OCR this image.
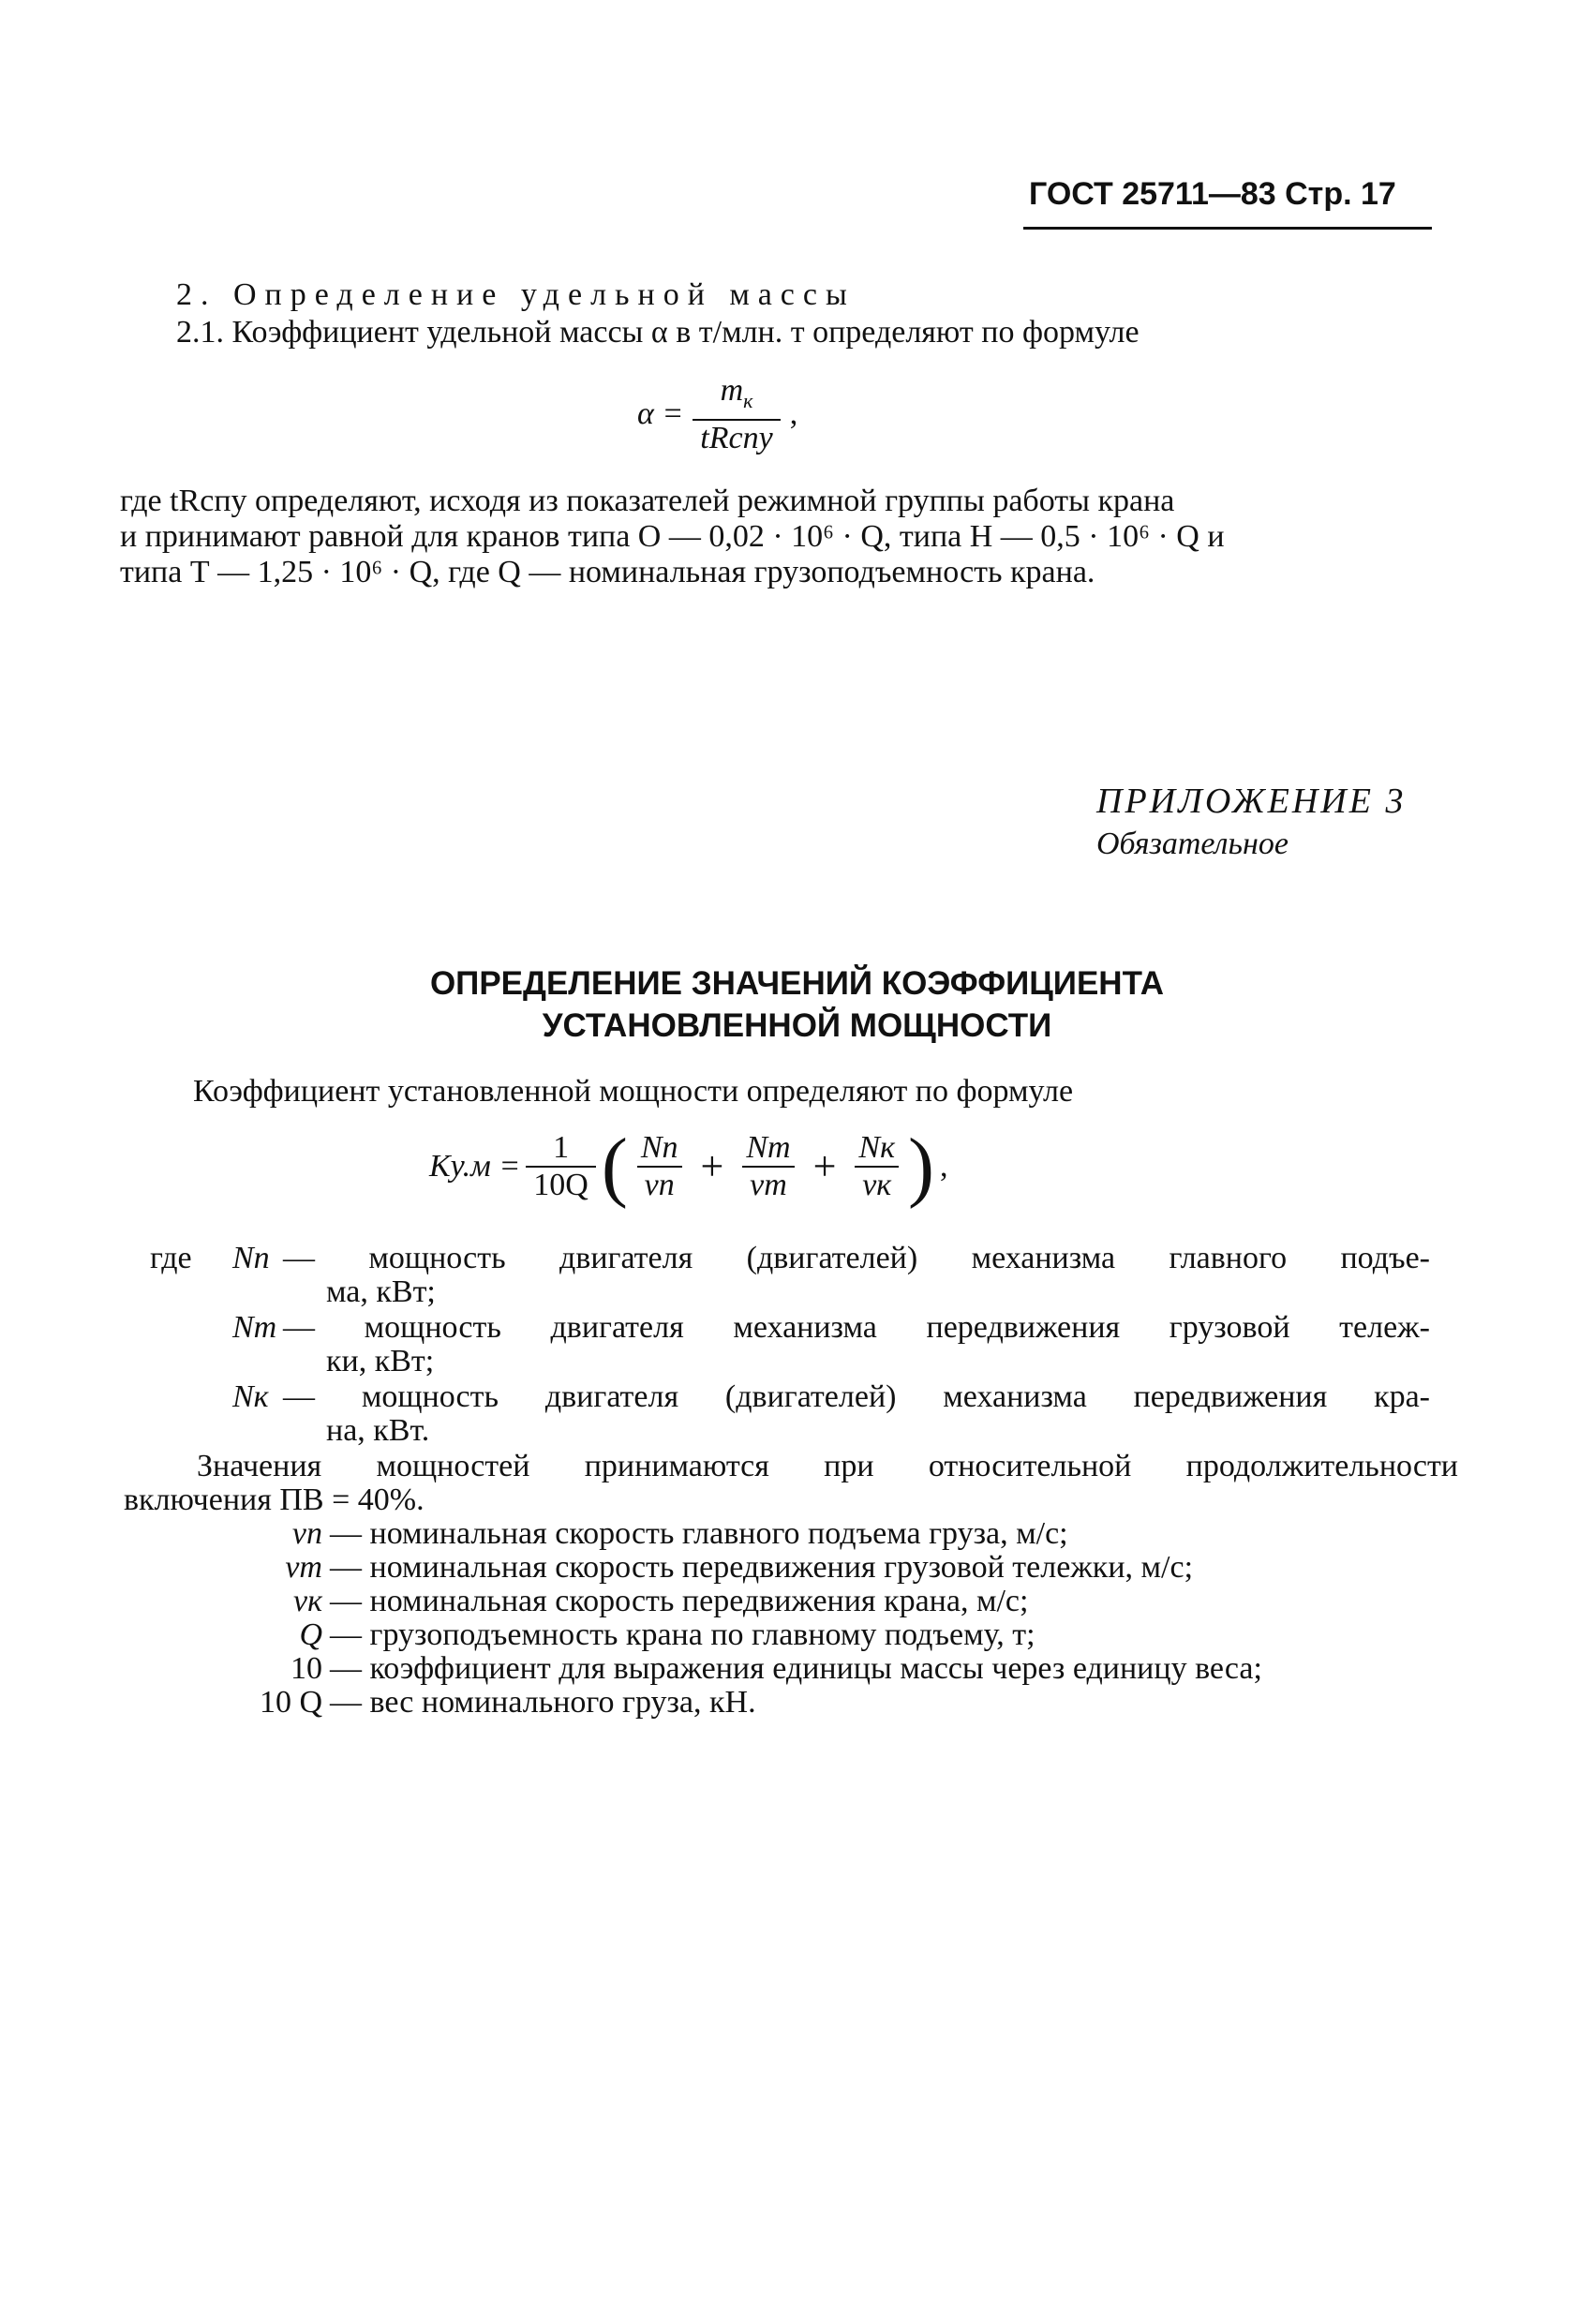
ГОСТ 25711—83 Стр. 17
2. Определение удельной массы
2.1. Коэффициент удельной массы α в т/млн. т определяют по формуле
$\alpha = \frac{m_к}{\text{tRспу}}$ ,
где tRспу определяют, исходя из показателей режимной группы работы крана
и принимают равной для кранов типа О — 0,02 · 10⁶ · Q, типа Н — 0,5 · 10⁶ · Q и
типа Т — 1,25 · 10⁶ · Q, где Q — номинальная грузоподъемность крана.
ПРИЛОЖЕНИЕ 3
Обязательное
ОПРЕДЕЛЕНИЕ ЗНАЧЕНИЙ КОЭФФИЦИЕНТА
УСТАНОВЛЕННОЙ МОЩНОСТИ
Коэффициент установленной мощности определяют по формуле
$Kу.м = \frac{1}{10Q}$ ( $\frac{Nп}{vп} + \frac{Nт}{vт} + \frac{Nк}{vк}$ ) ,
где Nп — мощность двигателя (двигателей) механизма главного подъе-
ма, кВт;
Nт — мощность двигателя механизма передвижения грузовой тележ-
ки, кВт;
Nк — мощность двигателя (двигателей) механизма передвижения кра-
на, кВт.
Значения мощностей принимаются при относительной продолжительности
включения ПВ = 40%.
vп — номинальная скорость главного подъема груза, м/с;
vт — номинальная скорость передвижения грузовой тележки, м/с;
vк — номинальная скорость передвижения крана, м/с;
Q — грузоподъемность крана по главному подъему, т;
10 — коэффициент для выражения единицы массы через единицу веса;
10 Q — вес номинального груза, кН.
